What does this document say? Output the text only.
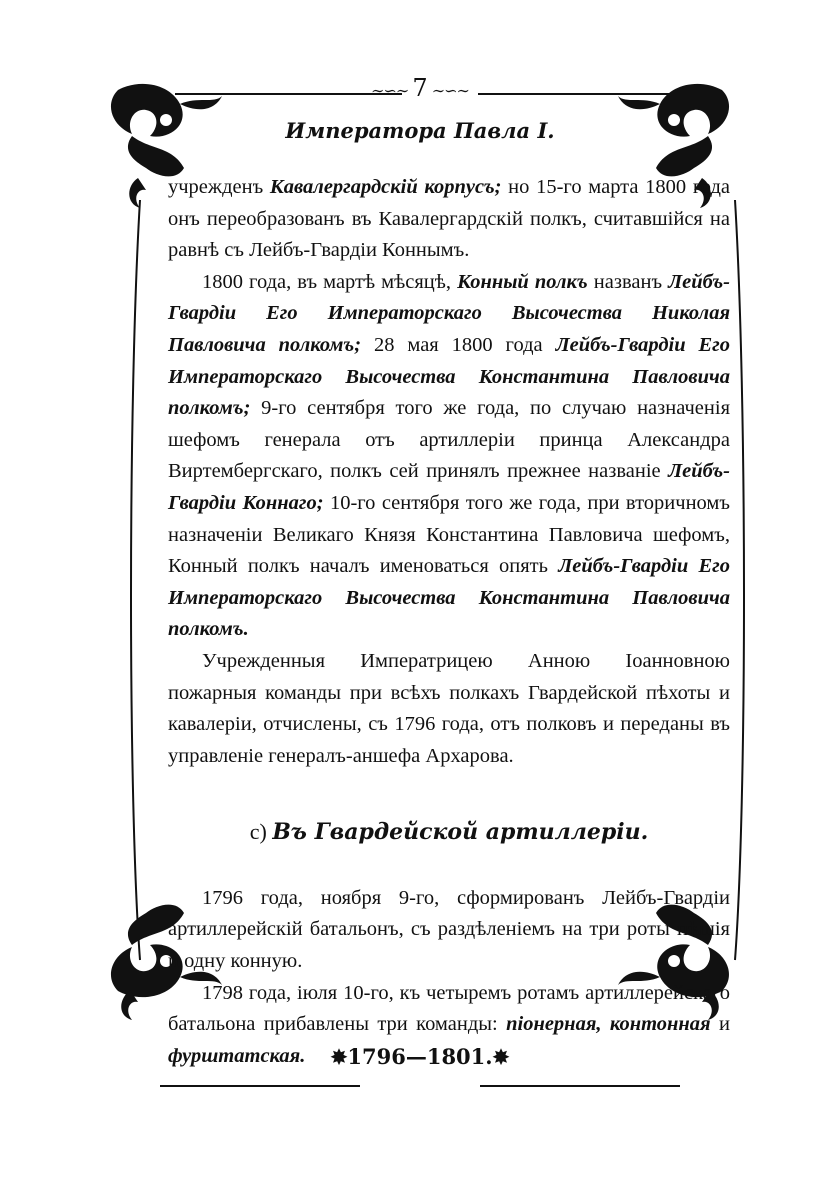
∼∽∼ 7 ∼∽∼
Императора Павла I.

учрежденъ Кавалергардскій корпусъ; но 15-го марта 1800 года онъ переобразованъ въ Кавалергардскій полкъ, считавшійся на равнѣ съ Лейбъ-Гвардіи Коннымъ.

1800 года, въ мартѣ мѣсяцѣ, Конный полкъ названъ Лейбъ-Гвардіи Его Императорскаго Высочества Николая Павловича полкомъ; 28 мая 1800 года Лейбъ-Гвардіи Его Императорскаго Высочества Константина Павловича полкомъ; 9-го сентября того же года, по случаю назначенія шефомъ генерала отъ артиллеріи принца Александра Виртембергскаго, полкъ сей принялъ прежнее названіе Лейбъ-Гвардіи Коннаго; 10-го сентября того же года, при вторичномъ назначеніи Великаго Князя Константина Павловича шефомъ, Конный полкъ началъ именоваться опять Лейбъ-Гвардіи Его Императорскаго Высочества Константина Павловича полкомъ.

Учрежденныя Императрицею Анною Іоанновною пожарныя команды при всѣхъ полкахъ Гвардейской пѣхоты и кавалеріи, отчислены, съ 1796 года, отъ полковъ и переданы въ управленіе генералъ-аншефа Архарова.

c) Въ Гвардейской артиллеріи.

1796 года, ноября 9-го, сформированъ Лейбъ-Гвардіи артиллерейскій батальонъ, съ раздѣленіемъ на три роты пѣшія и одну конную.

1798 года, іюля 10-го, къ четыремъ ротамъ артиллерейскаго батальона прибавлены три команды: піонерная, контонная и фурштатская.	✸1796—1801.✸
